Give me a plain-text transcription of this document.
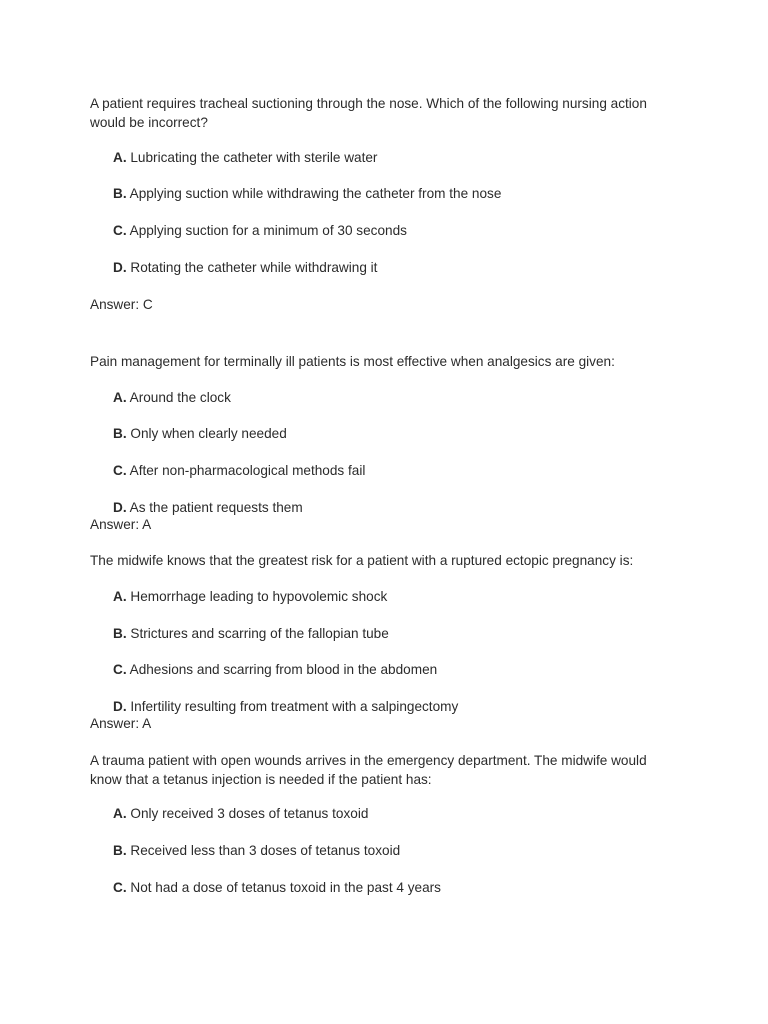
A patient requires tracheal suctioning through the nose. Which of the following nursing action
would be incorrect?
A. Lubricating the catheter with sterile water
B. Applying suction while withdrawing the catheter from the nose
C. Applying suction for a minimum of 30 seconds
D. Rotating the catheter while withdrawing it
Answer: C
Pain management for terminally ill patients is most effective when analgesics are given:
A. Around the clock
B. Only when clearly needed
C. After non-pharmacological methods fail
D. As the patient requests them
Answer: A
The midwife knows that the greatest risk for a patient with a ruptured ectopic pregnancy is:
A. Hemorrhage leading to hypovolemic shock
B. Strictures and scarring of the fallopian tube
C. Adhesions and scarring from blood in the abdomen
D. Infertility resulting from treatment with a salpingectomy
Answer: A
A trauma patient with open wounds arrives in the emergency department. The midwife would
know that a tetanus injection is needed if the patient has:
A. Only received 3 doses of tetanus toxoid
B. Received less than 3 doses of tetanus toxoid
C. Not had a dose of tetanus toxoid in the past 4 years
